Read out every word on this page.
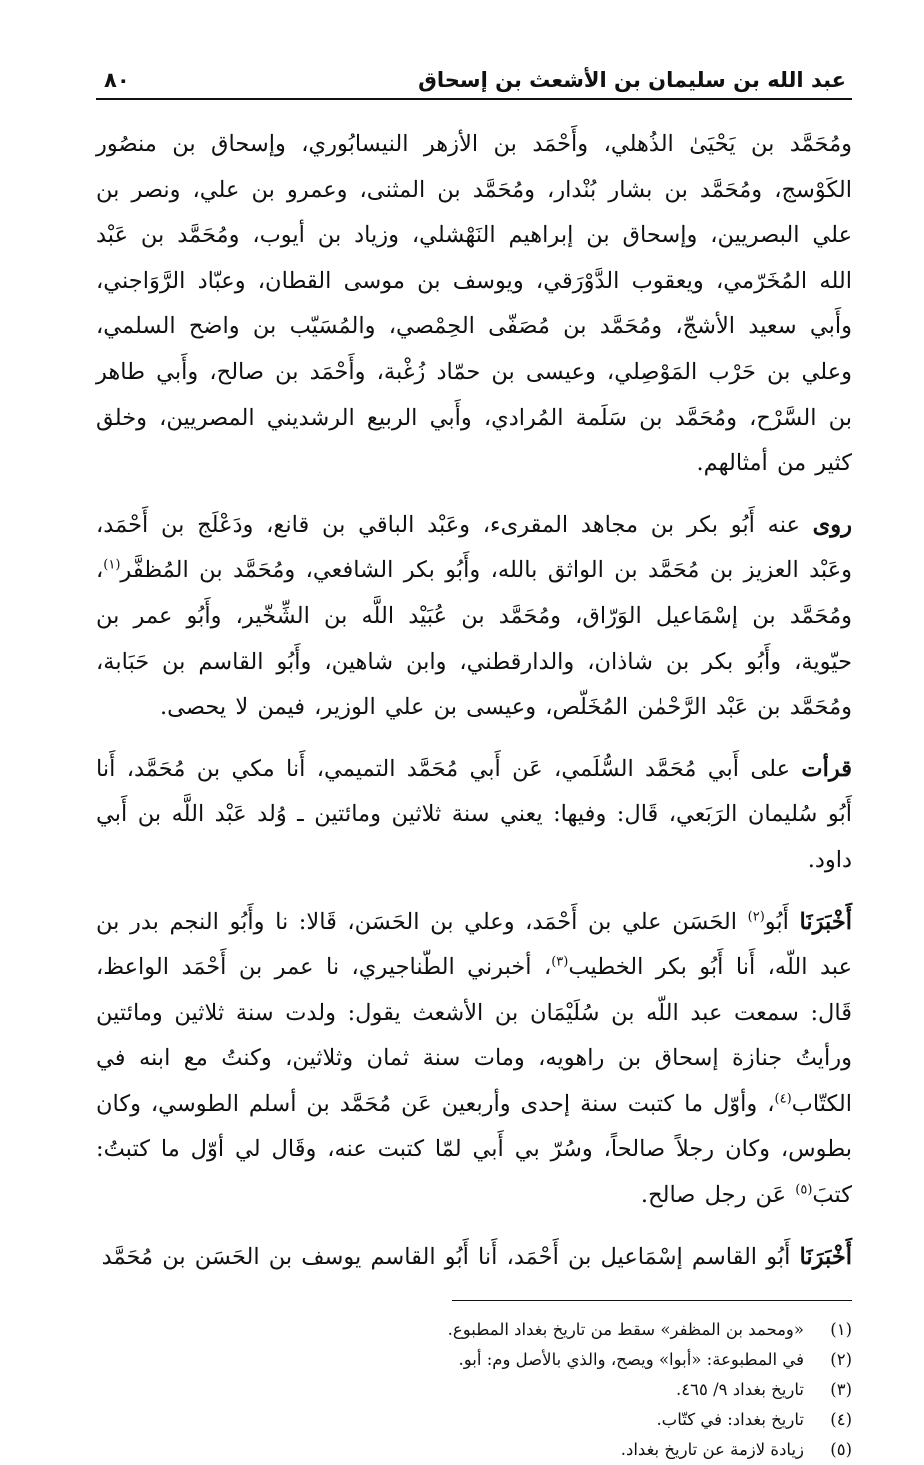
عبد الله بن سليمان بن الأشعث بن إسحاق
٨٠

ومُحَمَّد بن يَحْيَىٰ الذُهلي، وأَحْمَد بن الأزهر النيسابُوري، وإسحاق بن منصُور الكَوْسج، ومُحَمَّد بن بشار بُنْدار، ومُحَمَّد بن المثنى، وعمرو بن علي، ونصر بن علي البصريين، وإسحاق بن إبراهيم النَهْشلي، وزياد بن أيوب، ومُحَمَّد بن عَبْد الله المُخَرّمي، ويعقوب الدَّوْرَقي، ويوسف بن موسى القطان، وعبّاد الرَّوَاجني، وأَبي سعيد الأشجّ، ومُحَمَّد بن مُصَفّى الحِمْصي، والمُسَيّب بن واضح السلمي، وعلي بن حَرْب المَوْصِلي، وعيسى بن حمّاد زُغْبة، وأَحْمَد بن صالح، وأَبي طاهر بن السَّرْح، ومُحَمَّد بن سَلَمة المُرادي، وأَبي الربيع الرشديني المصريين، وخلق كثير من أمثالهم.

روى عنه أَبُو بكر بن مجاهد المقرىء، وعَبْد الباقي بن قانع، ودَعْلَج بن أَحْمَد، وعَبْد العزيز بن مُحَمَّد بن الواثق بالله، وأَبُو بكر الشافعي، ومُحَمَّد بن المُظفَّر$^{(١)}$، ومُحَمَّد بن إسْمَاعيل الوَرّاق، ومُحَمَّد بن عُبَيْد اللَّه بن الشِّخّير، وأَبُو عمر بن حيّوية، وأَبُو بكر بن شاذان، والدارقطني، وابن شاهين، وأَبُو القاسم بن حَبَابة، ومُحَمَّد بن عَبْد الرَّحْمٰن المُخَلّص، وعيسى بن علي الوزير، فيمن لا يحصى.

قرأت على أَبي مُحَمَّد السُّلَمي، عَن أَبي مُحَمَّد التميمي، أَنا مكي بن مُحَمَّد، أَنا أَبُو سُليمان الرَبَعي، قَال: وفيها: يعني سنة ثلاثين ومائتين ـ وُلد عَبْد اللَّه بن أَبي داود.

أَخْبَرَنَا أَبُو$^{(٢)}$ الحَسَن علي بن أَحْمَد، وعلي بن الحَسَن، قَالا: نا وأَبُو النجم بدر بن عبد اللّه، أَنا أَبُو بكر الخطيب$^{(٣)}$، أخبرني الطّناجيري، نا عمر بن أَحْمَد الواعظ، قَال: سمعت عبد اللّه بن سُلَيْمَان بن الأشعث يقول: ولدت سنة ثلاثين ومائتين ورأيتُ جنازة إسحاق بن راهويه، ومات سنة ثمان وثلاثين، وكنتُ مع ابنه في الكتّاب$^{(٤)}$، وأوّل ما كتبت سنة إحدى وأربعين عَن مُحَمَّد بن أسلم الطوسي، وكان بطوس، وكان رجلاً صالحاً، وسُرّ بي أَبي لمّا كتبت عنه، وقَال لي أوّل ما كتبتُ: كتبَ$^{(٥)}$ عَن رجل صالح.

أَخْبَرَنَا أَبُو القاسم إسْمَاعيل بن أَحْمَد، أَنا أَبُو القاسم يوسف بن الحَسَن بن مُحَمَّد

(١)
«ومحمد بن المظفر» سقط من تاريخ بغداد المطبوع.
(٢)
في المطبوعة: «أبوا» ويصح، والذي بالأصل وم: أبو.
(٣)
تاريخ بغداد ٩/ ٤٦٥.
(٤)
تاريخ بغداد: في كتّاب.
(٥)
زيادة لازمة عن تاريخ بغداد.
